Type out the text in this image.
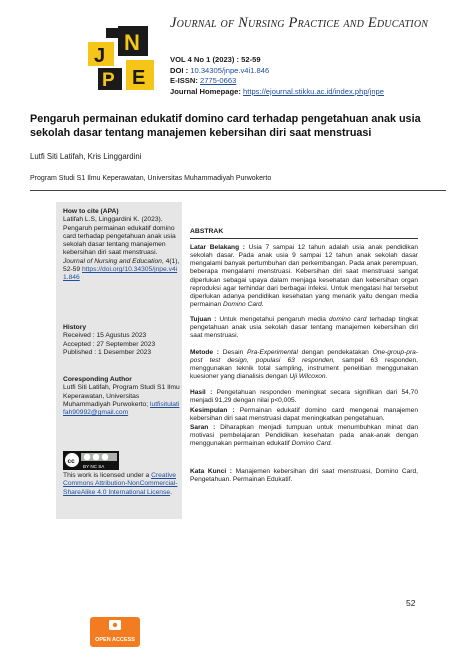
J
N
P E
Journal of Nursing Practice and Education
VOL 4 No 1 (2023) : 52-59
DOI : 10.34305/jnpe.v4i1.846
E-ISSN: 2775-0663
Journal Homepage: https://ejournal.stikku.ac.id/index.php/jnpe
Pengaruh permainan edukatif domino card terhadap pengetahuan anak usia sekolah dasar tentang manajemen kebersihan diri saat menstruasi
Lutfi Siti Latifah, Kris Linggardini
Program Studi S1 Ilmu Keperawatan, Universitas Muhammadiyah Purwokerto
How to cite (APA)
Latifah L.S, Linggardini K. (2023). Pengaruh permainan edukatif domino card terhadap pengetahuan anak usia sekolah dasar tentang manajemen kebersihan diri saat menstruasi. Journal of Nursing and Education, 4(1), 52-59 https://doi.org/10.34305/jnpe.v4i1.846
History
Received : 15 Agustus 2023
Accepted : 27 September 2023
Published : 1 Desember 2023
Coresponding Author
Lutfi Siti Latifah, Program Studi S1 Ilmu Keperawatan, Universitas Muhammadiyah Purwokerto; lutfisitulatifah90992@gmail.com
cc
BY NC SA
This work is licensed under a Creative Commons Attribution-NonCommercial-ShareAlike 4.0 International License.
ABSTRAK
Latar Belakang : Usia 7 sampai 12 tahun adalah usia anak pendidikan sekolah dasar. Pada anak usia 9 sampai 12 tahun anak sekolah dasar mengalami banyak pertumbuhan dan perkembangan. Pada anak perempuan, beberapa mengalami menstruasi. Kebersihan diri saat menstruasi sangat diperlukan sebagai upaya dalam menjaga kesehatan dan kebersihan organ reproduksi agar terhindar dari berbagai infeksi. Untuk mengatasi hal tersebut diperlukan adanya pendidikan kesehatan yang menarik yaitu dengan media permainan Domino Card.
Tujuan : Untuk mengetahui pengaruh media domino card terhadap tingkat pengetahuan anak usia sekolah dasar tentang manajemen kebersihan diri saat menstruasi.
Metode : Desain Pra-Experimental dengan pendekatakan One-group-pra-post test design, populasi 63 responden, sampel 63 responden, menggunakan teknik total sampling, instrument penelitian menggunakan kuesioner yang dianalisis dengan Uji Wilcoxon.
Hasil : Pengetahuan responden meningkat secara signifikan dari 54,70 menjadi 91,29 dengan nilai p<0,005.
Kesimpulan : Permainan edukatif domino card mengenai manajemen kebersihan diri saat menstruasi dapat meningkatkan pengetahuan.
Saran : Diharapkan menjadi tumpuan untuk menumbuhkan minat dan motivasi pembelajaran Pendidikan kesehatan pada anak-anak dengan menggunakan permainan edukatif Domino Card.
Kata Kunci : Manajemen kebersihan diri saat menstruasi, Domino Card, Pengetahuan. Permainan Edukatif.
52
OPEN ACCESS
